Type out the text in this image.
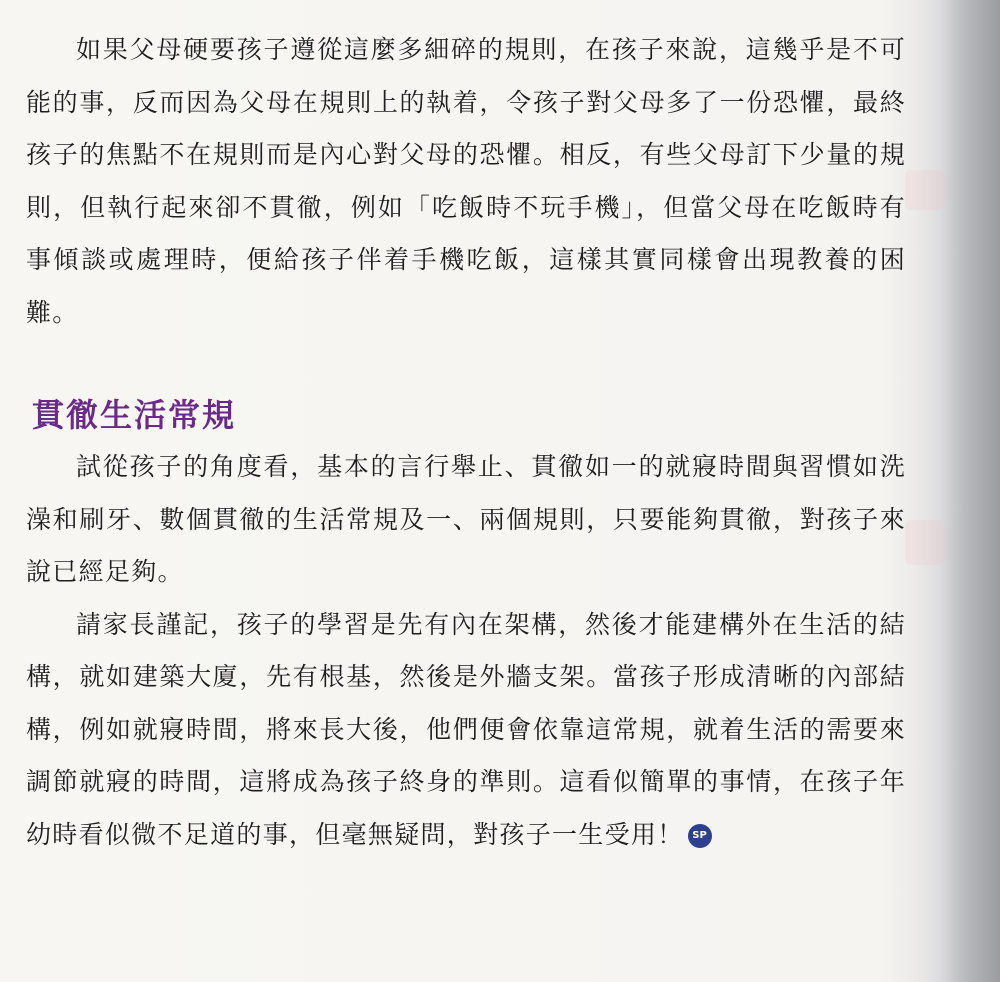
如果父母硬要孩子遵從這麼多細碎的規則，在孩子來說，這幾乎是不可能的事，反而因為父母在規則上的執着，令孩子對父母多了一份恐懼，最終孩子的焦點不在規則而是內心對父母的恐懼。相反，有些父母訂下少量的規則，但執行起來卻不貫徹，例如「吃飯時不玩手機」，但當父母在吃飯時有事傾談或處理時，便給孩子伴着手機吃飯，這樣其實同樣會出現教養的困難。

貫徹生活常規

試從孩子的角度看，基本的言行舉止、貫徹如一的就寢時間與習慣如洗澡和刷牙、數個貫徹的生活常規及一、兩個規則，只要能夠貫徹，對孩子來說已經足夠。

請家長謹記，孩子的學習是先有內在架構，然後才能建構外在生活的結構，就如建築大廈，先有根基，然後是外牆支架。當孩子形成清晰的內部結構，例如就寢時間，將來長大後，他們便會依靠這常規，就着生活的需要來調節就寢的時間，這將成為孩子終身的準則。這看似簡單的事情，在孩子年幼時看似微不足道的事，但毫無疑問，對孩子一生受用！ SP
